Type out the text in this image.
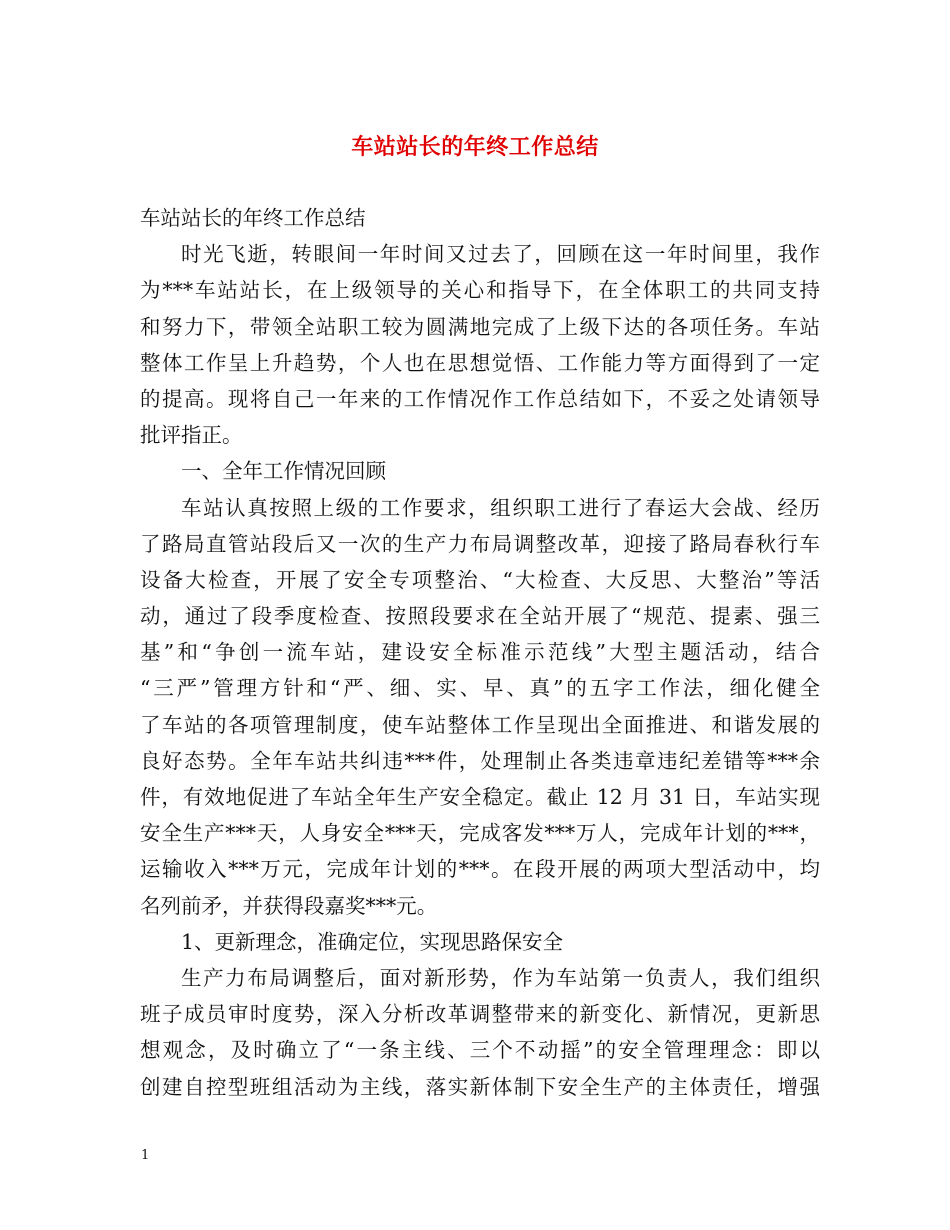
车站站长的年终工作总结
车站站长的年终工作总结
时光飞逝，转眼间一年时间又过去了，回顾在这一年时间里，我作
为***车站站长，在上级领导的关心和指导下，在全体职工的共同支持
和努力下，带领全站职工较为圆满地完成了上级下达的各项任务。车站
整体工作呈上升趋势，个人也在思想觉悟、工作能力等方面得到了一定
的提高。现将自己一年来的工作情况作工作总结如下，不妥之处请领导
批评指正。
一、全年工作情况回顾
车站认真按照上级的工作要求，组织职工进行了春运大会战、经历
了路局直管站段后又一次的生产力布局调整改革，迎接了路局春秋行车
设备大检查，开展了安全专项整治、“大检查、大反思、大整治”等活
动，通过了段季度检查、按照段要求在全站开展了“规范、提素、强三
基”和“争创一流车站，建设安全标准示范线”大型主题活动，结合
“三严”管理方针和“严、细、实、早、真”的五字工作法，细化健全
了车站的各项管理制度，使车站整体工作呈现出全面推进、和谐发展的
良好态势。全年车站共纠违***件，处理制止各类违章违纪差错等***余
件，有效地促进了车站全年生产安全稳定。截止 12 月 31 日，车站实现
安全生产***天，人身安全***天，完成客发***万人，完成年计划的***，
运输收入***万元，完成年计划的***。在段开展的两项大型活动中，均
名列前矛，并获得段嘉奖***元。
1、更新理念，准确定位，实现思路保安全
生产力布局调整后，面对新形势，作为车站第一负责人，我们组织
班子成员审时度势，深入分析改革调整带来的新变化、新情况，更新思
想观念，及时确立了“一条主线、三个不动摇”的安全管理理念：即以
创建自控型班组活动为主线，落实新体制下安全生产的主体责任，增强
1
